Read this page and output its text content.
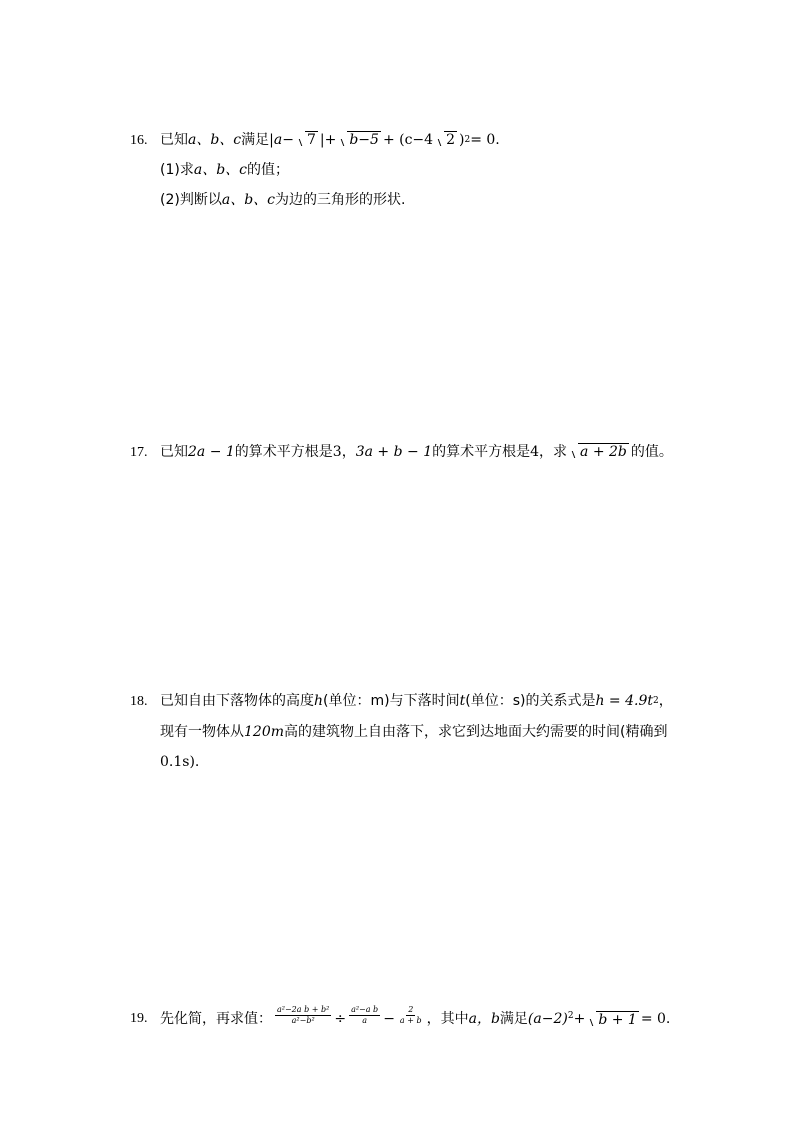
16. 已知 a、b、c 满足 |a− 7 | + b−5 + (c−4 2 )$^2$ = 0.
(1)求 a、b、c 的值；
(2)判断以 a、b、c 为边的三角形的形状.
17. 已知 2a − 1 的算术平方根是 3 ， 3a + b − 1 的算术平方根是 4 ，求 a + 2b 的值。
18. 已知自由下落物体的高度 h (单位：m) 与下落时间 t (单位：s) 的关系式是 $h = 4.9t^2$ ，
现有一物体从 120m 高的建筑物上自由落下，求它到达地面大约需要的时间(精确到
0.1s).
19. 先化简，再求值： $\frac{\text{a²−2a b + b²}}{\text{a²−b²}} \div \frac{\text{a²−a b}}{a} - \frac{2}{a + b}$ ，其中 a，b 满足 $(a-2)^2 + b + 1 = 0$.
